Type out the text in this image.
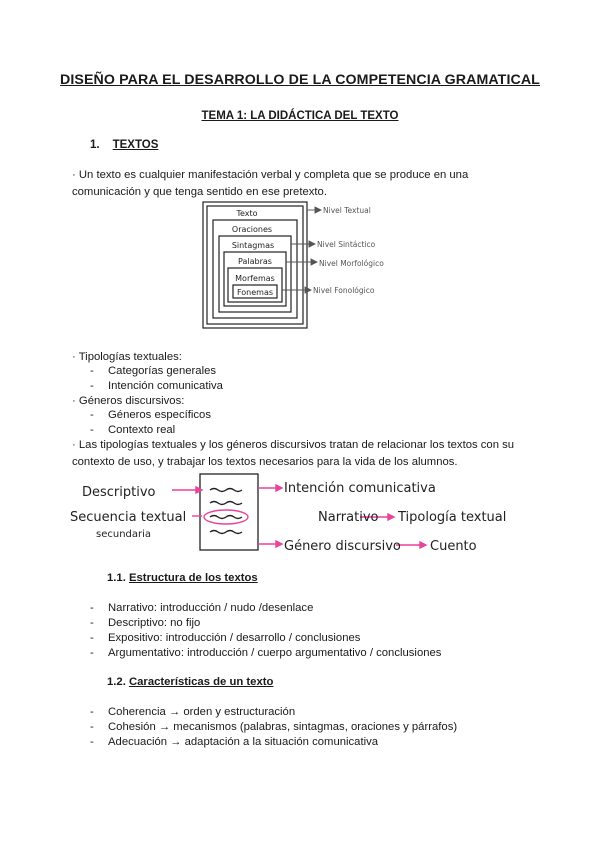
DISEÑO PARA EL DESARROLLO DE LA COMPETENCIA GRAMATICAL
TEMA 1: LA DIDÁCTICA DEL TEXTO
1. TEXTOS
· Un texto es cualquier manifestación verbal y completa que se produce en una comunicación y que tenga sentido en ese pretexto.
Texto
Oraciones
Sintagmas
Palabras
Morfemas
Fonemas
Nivel Textual
Nivel Sintáctico
Nivel Morfológico
Nivel Fonológico
· Tipologías textuales:
- Categorías generales
- Intención comunicativa
· Géneros discursivos:
- Géneros específicos
- Contexto real
· Las tipologías textuales y los géneros discursivos tratan de relacionar los textos con su contexto de uso, y trabajar los textos necesarios para la vida de los alumnos.
Descriptivo
Secuencia textual
Intención comunicativa
Narrativo Tipología textual
Género discursivo Cuento
secundaria
1.1. Estructura de los textos
- Narrativo: introducción / nudo /desenlace
- Descriptivo: no fijo
- Expositivo: introducción / desarrollo / conclusiones
- Argumentativo: introducción / cuerpo argumentativo / conclusiones
1.2. Características de un texto
- Coherencia → orden y estructuración
- Cohesión → mecanismos (palabras, sintagmas, oraciones y párrafos)
- Adecuación → adaptación a la situación comunicativa
